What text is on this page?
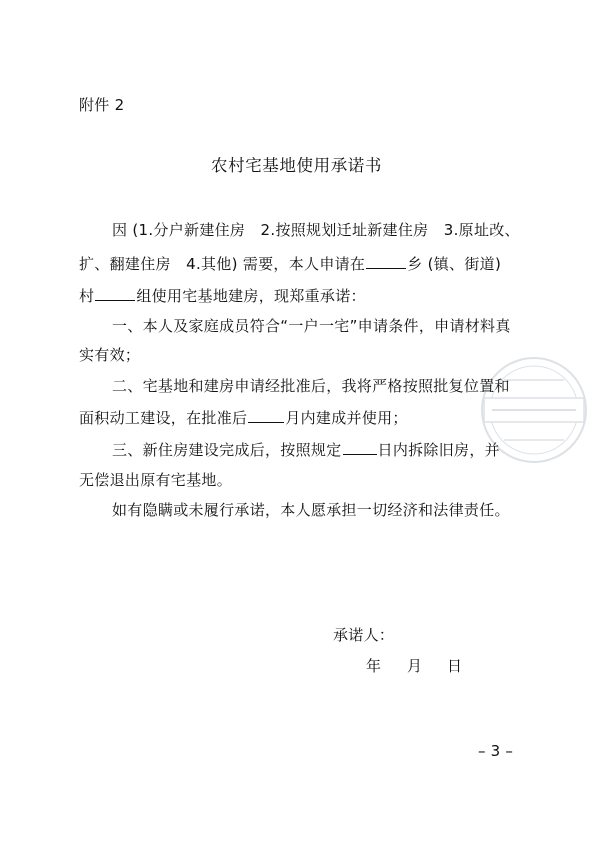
附件 2
农村宅基地使用承诺书
因 (1.分户新建住房　2.按照规划迁址新建住房　3.原址改、
扩、翻建住房　4.其他) 需要，本人申请在	乡 (镇、街道)
村	组使用宅基地建房，现郑重承诺：
一、本人及家庭成员符合“一户一宅”申请条件，申请材料真
实有效；
二、宅基地和建房申请经批准后，我将严格按照批复位置和
面积动工建设，在批准后	月内建成并使用；
三、新住房建设完成后，按照规定 日内拆除旧房，并
无偿退出原有宅基地。
如有隐瞒或未履行承诺，本人愿承担一切经济和法律责任。
承诺人：
年 月 日
– 3 –
